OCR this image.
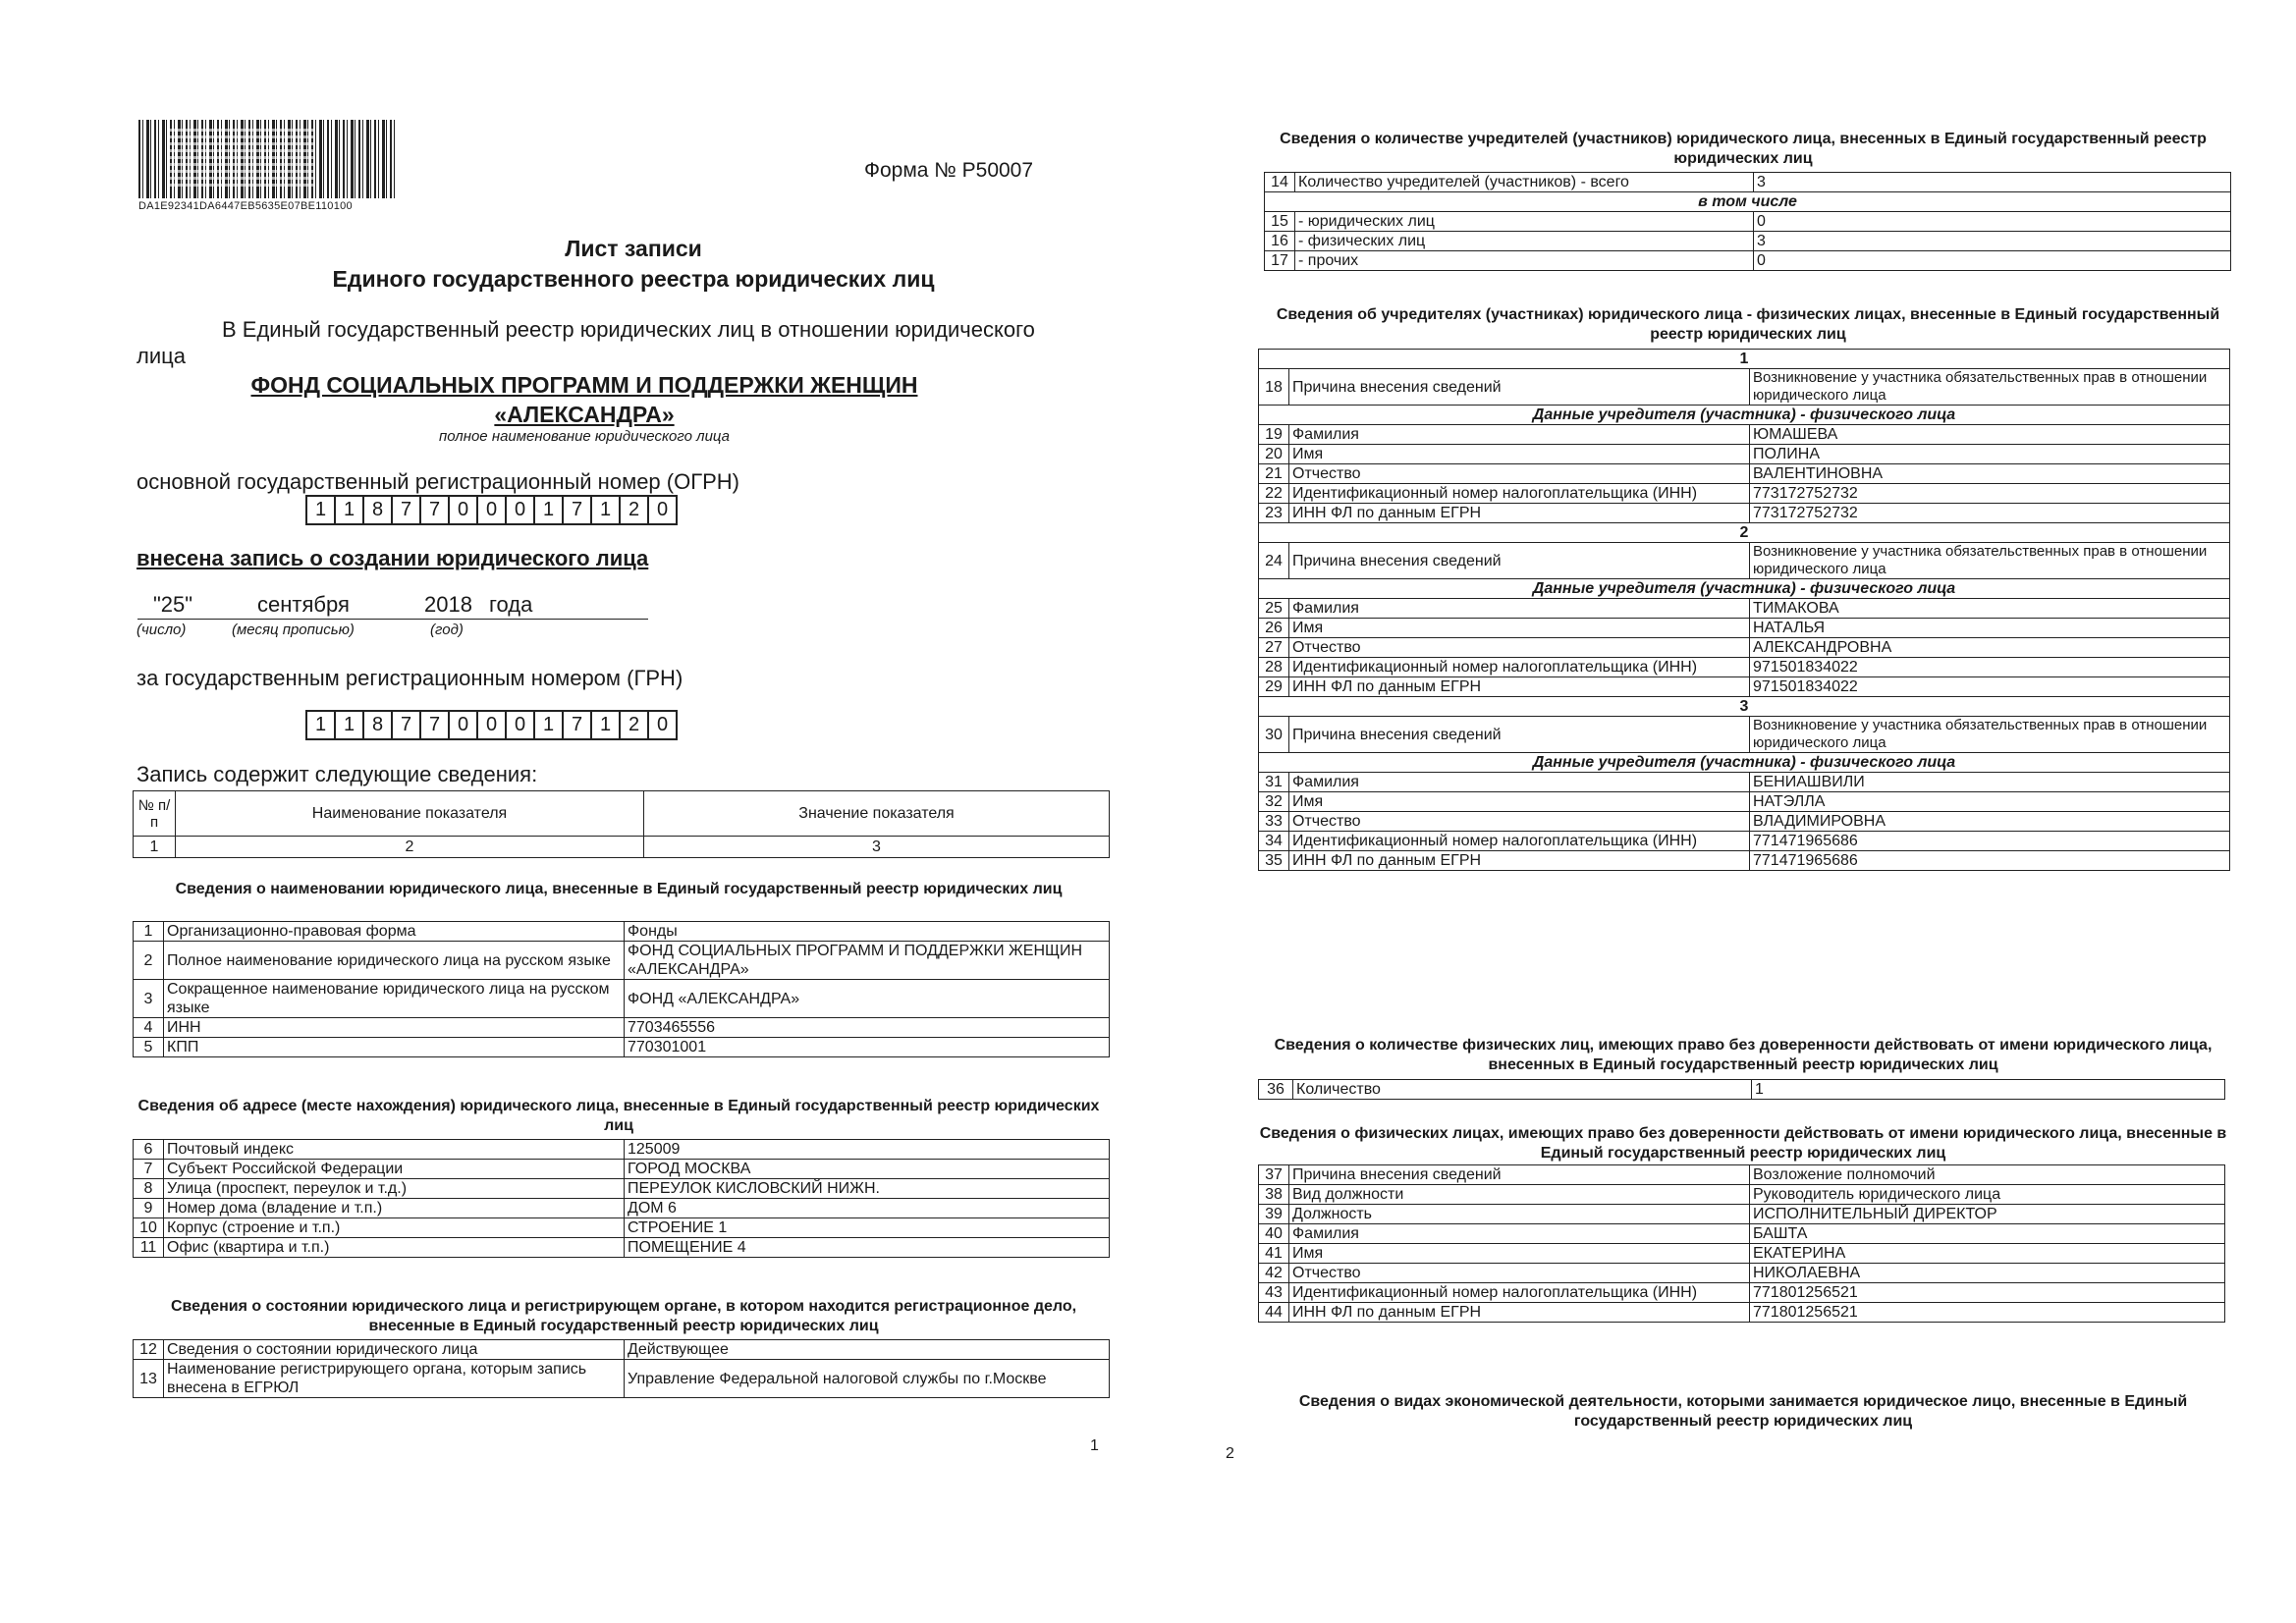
DA1E92341DA6447EB5635E07BE110100
Форма № Р50007
Лист записи
Единого государственного реестра юридических лиц
В Единый государственный реестр юридических лиц в отношении юридического
лица
ФОНД СОЦИАЛЬНЫХ ПРОГРАММ И ПОДДЕРЖКИ ЖЕНЩИН
«АЛЕКСАНДРА»
полное наименование юридического лица
основной государственный регистрационный номер (ОГРН)
1 1 8 7 7 0 0 0 1 7 1 2 0
внесена запись о создании юридического лица
"25"	сентября	2018 года
(число)	(месяц прописью)	(год)
за государственным регистрационным номером (ГРН)
1 1 8 7 7 0 0 0 1 7 1 2 0
Запись содержит следующие сведения:
№ п/п	Наименование показателя	Значение показателя
1	2	3
Сведения о наименовании юридического лица, внесенные в Единый государственный реестр юридических лиц
1	Организационно-правовая форма	Фонды
2	Полное наименование юридического лица на русском языке	ФОНД СОЦИАЛЬНЫХ ПРОГРАММ И ПОДДЕРЖКИ ЖЕНЩИН «АЛЕКСАНДРА»
3	Сокращенное наименование юридического лица на русском языке	ФОНД «АЛЕКСАНДРА»
4	ИНН	7703465556
5	КПП	770301001
Сведения об адресе (месте нахождения) юридического лица, внесенные в Единый государственный реестр юридических лиц
6	Почтовый индекс	125009
7	Субъект Российской Федерации	ГОРОД МОСКВА
8	Улица (проспект, переулок и т.д.)	ПЕРЕУЛОК КИСЛОВСКИЙ НИЖН.
9	Номер дома (владение и т.п.)	ДОМ 6
10	Корпус (строение и т.п.)	СТРОЕНИЕ 1
11	Офис (квартира и т.п.)	ПОМЕЩЕНИЕ 4
Сведения о состоянии юридического лица и регистрирующем органе, в котором находится регистрационное дело, внесенные в Единый государственный реестр юридических лиц
12	Сведения о состоянии юридического лица	Действующее
13	Наименование регистрирующего органа, которым запись внесена в ЕГРЮЛ	Управление Федеральной налоговой службы по г.Москве
1
Сведения о количестве учредителей (участников) юридического лица, внесенных в Единый государственный реестр юридических лиц
14	Количество учредителей (участников) - всего	3
в том числе		
15	- юридических лиц	0
16	- физических лиц	3
17	- прочих	0
Сведения об учредителях (участниках) юридического лица - физических лицах, внесенные в Единый государственный реестр юридических лиц
1		
18	Причина внесения сведений	Возникновение у участника обязательственных прав в отношении юридического лица
Данные учредителя (участника) - физического лица		
19	Фамилия	ЮМАШЕВА
20	Имя	ПОЛИНА
21	Отчество	ВАЛЕНТИНОВНА
22	Идентификационный номер налогоплательщика (ИНН)	773172752732
23	ИНН ФЛ по данным ЕГРН	773172752732
2		
24	Причина внесения сведений	Возникновение у участника обязательственных прав в отношении юридического лица
Данные учредителя (участника) - физического лица		
25	Фамилия	ТИМАКОВА
26	Имя	НАТАЛЬЯ
27	Отчество	АЛЕКСАНДРОВНА
28	Идентификационный номер налогоплательщика (ИНН)	971501834022
29	ИНН ФЛ по данным ЕГРН	971501834022
3		
30	Причина внесения сведений	Возникновение у участника обязательственных прав в отношении юридического лица
Данные учредителя (участника) - физического лица		
31	Фамилия	БЕНИАШВИЛИ
32	Имя	НАТЭЛЛА
33	Отчество	ВЛАДИМИРОВНА
34	Идентификационный номер налогоплательщика (ИНН)	771471965686
35	ИНН ФЛ по данным ЕГРН	771471965686
Сведения о количестве физических лиц, имеющих право без доверенности действовать от имени юридического лица, внесенных в Единый государственный реестр юридических лиц
36	Количество	1
Сведения о физических лицах, имеющих право без доверенности действовать от имени юридического лица, внесенные в Единый государственный реестр юридических лиц
37	Причина внесения сведений	Возложение полномочий
38	Вид должности	Руководитель юридического лица
39	Должность	ИСПОЛНИТЕЛЬНЫЙ ДИРЕКТОР
40	Фамилия	БАШТА
41	Имя	ЕКАТЕРИНА
42	Отчество	НИКОЛАЕВНА
43	Идентификационный номер налогоплательщика (ИНН)	771801256521
44	ИНН ФЛ по данным ЕГРН	771801256521
Сведения о видах экономической деятельности, которыми занимается юридическое лицо, внесенные в Единый государственный реестр юридических лиц
2
